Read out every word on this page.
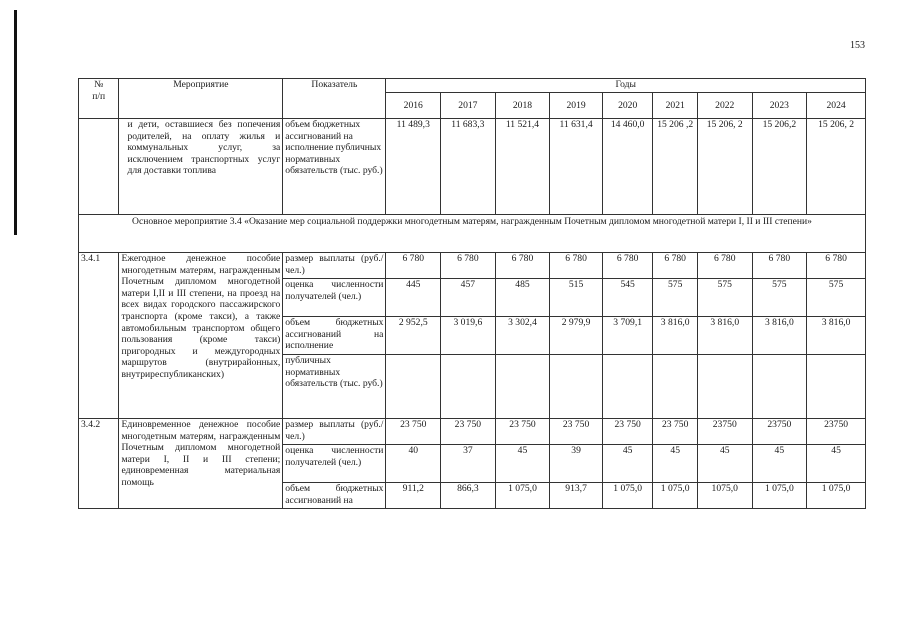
153
№
п/п	Мероприятие	Показатель	Годы								
			2016	2017	2018	2019	2020	2021	2022	2023	2024
	и дети, оставшиеся без попечения родителей, на оплату жилья и коммунальных услуг, за исключением транспортных услуг для доставки топлива	объем бюджетных ассигнований на исполнение публичных нормативных обязательств (тыс. руб.)	11 489,3	11 683,3	11 521,4	11 631,4	14 460,0	15 206 ,2	15 206, 2	15 206,2	15 206, 2
Основное мероприятие 3.4 «Оказание мер социальной поддержки многодетным матерям, награжденным Почетным дипломом многодетной матери I, II и III степени»											
3.4.1	Ежегодное денежное пособие многодетным матерям, награжденным Почетным дипломом многодетной матери I,II и III степени, на проезд на всех видах городского пассажирского транспорта (кроме такси), а также автомобильным транспортом общего пользования (кроме такси) пригородных и междугородных маршрутов (внутрирайонных, внутриреспубликанских)	размер выплаты (руб./ чел.)	6 780	6 780	6 780	6 780	6 780	6 780	6 780	6 780	6 780
		оценка численности получателей (чел.)	445	457	485	515	545	575	575	575	575
		объем бюджетных ассигнований на исполнение	2 952,5	3 019,6	3 302,4	2 979,9	3 709,1	3 816,0	3 816,0	3 816,0	3 816,0
		публичных нормативных обязательств (тыс. руб.)									
3.4.2	Единовременное денежное пособие многодетным матерям, награжденным Почетным дипломом многодетной матери I, II и III степени; единовременная материальная помощь	размер выплаты (руб./ чел.)	23 750	23 750	23 750	23 750	23 750	23 750	23750	23750	23750
		оценка численности получателей (чел.)	40	37	45	39	45	45	45	45	45
		объем бюджетных ассигнований на	911,2	866,3	1 075,0	913,7	1 075,0	1 075,0	1075,0	1 075,0	1 075,0
